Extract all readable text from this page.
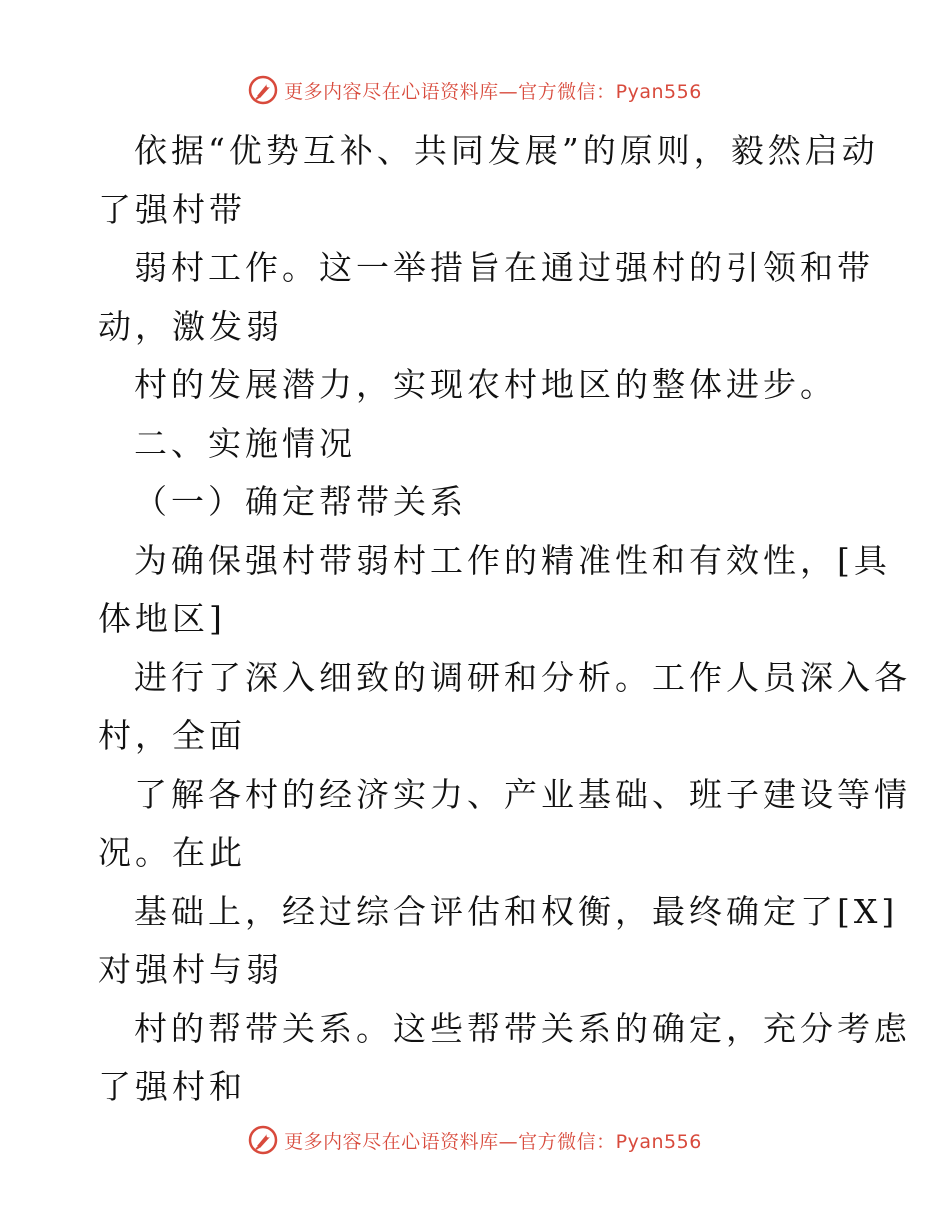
更多内容尽在心语资料库—官方微信：Pyan556
依据“优势互补、共同发展”的原则，毅然启动
了强村带
弱村工作。这一举措旨在通过强村的引领和带
动，激发弱
村的发展潜力，实现农村地区的整体进步。
二、实施情况
（一）确定帮带关系
为确保强村带弱村工作的精准性和有效性，[具
体地区]
进行了深入细致的调研和分析。工作人员深入各
村，全面
了解各村的经济实力、产业基础、班子建设等情
况。在此
基础上，经过综合评估和权衡，最终确定了[X]
对强村与弱
村的帮带关系。这些帮带关系的确定，充分考虑
了强村和
更多内容尽在心语资料库—官方微信：Pyan556
